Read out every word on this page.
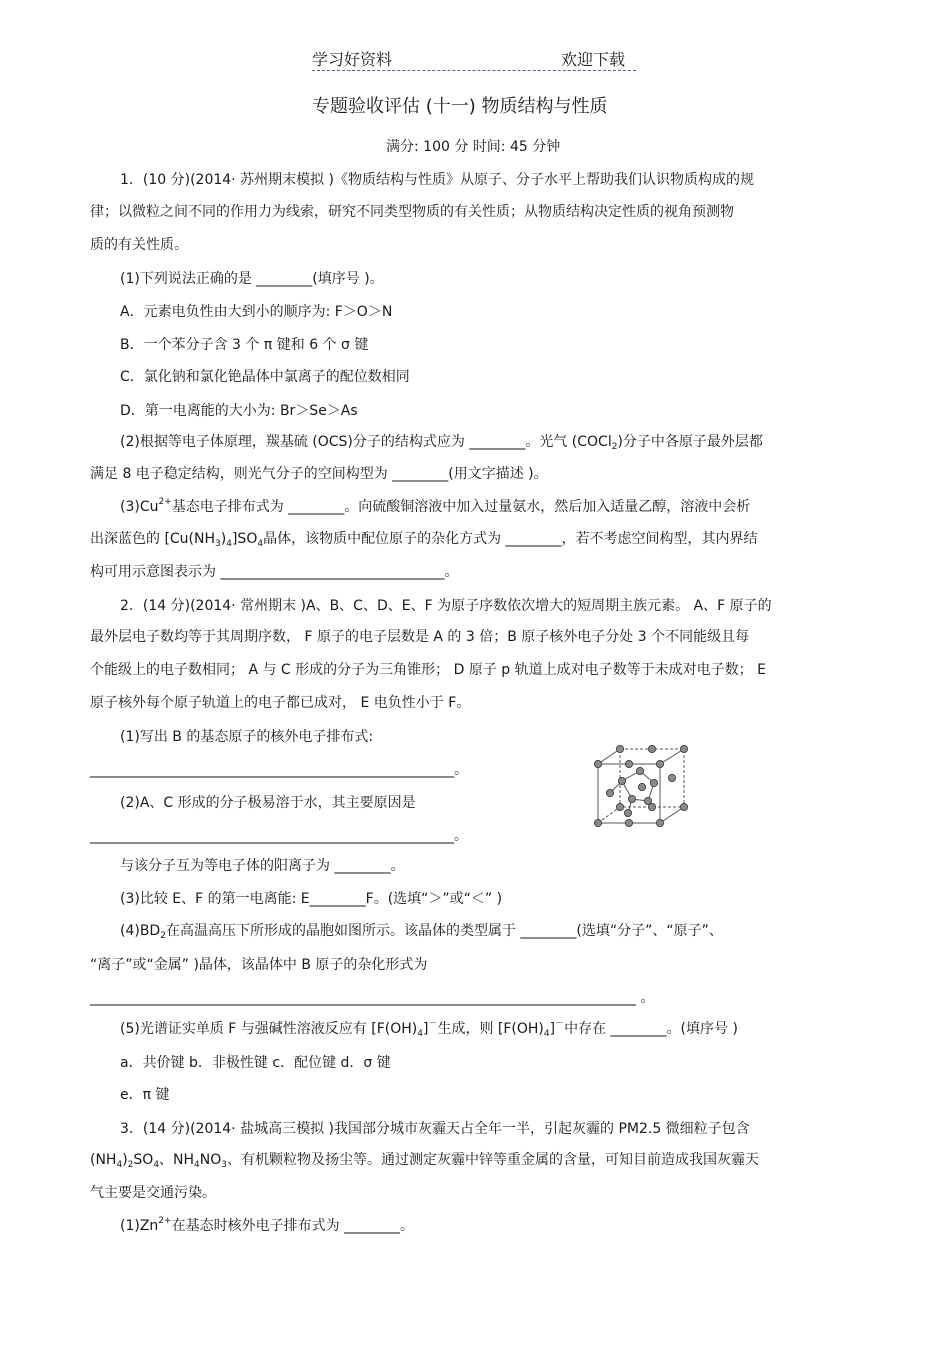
学习好资料	欢迎下载
专题验收评估 (十一) 物质结构与性质
满分: 100 分 时间: 45 分钟
1．(10 分)(2014· 苏州期末模拟 )《物质结构与性质》从原子、分子水平上帮助我们认识物质构成的规
律；以微粒之间不同的作用力为线索，研究不同类型物质的有关性质；从物质结构决定性质的视角预测物
质的有关性质。
(1)下列说法正确的是 ________(填序号 )。
A．元素电负性由大到小的顺序为: F＞O＞N
B．一个苯分子含 3 个 π 键和 6 个 σ 键
C．氯化钠和氯化铯晶体中氯离子的配位数相同
D．第一电离能的大小为: Br＞Se＞As
(2)根据等电子体原理，羰基硫 (OCS)分子的结构式应为 ________。光气 (COCl$_2$)分子中各原子最外层都
满足 8 电子稳定结构，则光气分子的空间构型为 ________(用文字描述 )。
$(3)Cu^{2+}$基态电子排布式为 ________。向硫酸铜溶液中加入过量氨水，然后加入适量乙醇，溶液中会析
出深蓝色的 $[Cu(NH_3)_4]SO_4$晶体，该物质中配位原子的杂化方式为 ________，若不考虑空间构型，其内界结
构可用示意图表示为 ________________________________。
2．(14 分)(2014· 常州期末 )A、B、C、D、E、F 为原子序数依次增大的短周期主族元素。 A、F 原子的
最外层电子数均等于其周期序数， F 原子的电子层数是 A 的 3 倍；B 原子核外电子分处 3 个不同能级且每
个能级上的电子数相同； A 与 C 形成的分子为三角锥形； D 原子 p 轨道上成对电子数等于未成对电子数； E
原子核外每个原子轨道上的电子都已成对， E 电负性小于 F。
(1)写出 B 的基态原子的核外电子排布式:
____________________________________________________。
(2)A、C 形成的分子极易溶于水，其主要原因是
____________________________________________________。
与该分子互为等电子体的阳离子为 ________。
(3)比较 E、F 的第一电离能: E________F。(选填“＞”或“＜” )
$(4)BD_2$在高温高压下所形成的晶胞如图所示。该晶体的类型属于 ________(选填“分子”、“原子”、
“离子”或“金属” )晶体，该晶体中 B 原子的杂化形式为
______________________________________________________________________________ 。
(5)光谱证实单质 F 与强碱性溶液反应有 $[F(OH)_4]^-$生成，则 $[F(OH)_4]^-$中存在 ________。(填序号 )
a．共价键 b．非极性键 c．配位键 d．σ 键
e．π 键
3．(14 分)(2014· 盐城高三模拟 )我国部分城市灰霾天占全年一半，引起灰霾的 PM2.5 微细粒子包含
$(NH_4)_2SO_4$、$NH_4NO_3$、有机颗粒物及扬尘等。通过测定灰霾中锌等重金属的含量，可知目前造成我国灰霾天
气主要是交通污染。
$(1)Zn^{2+}$在基态时核外电子排布式为 ________。
